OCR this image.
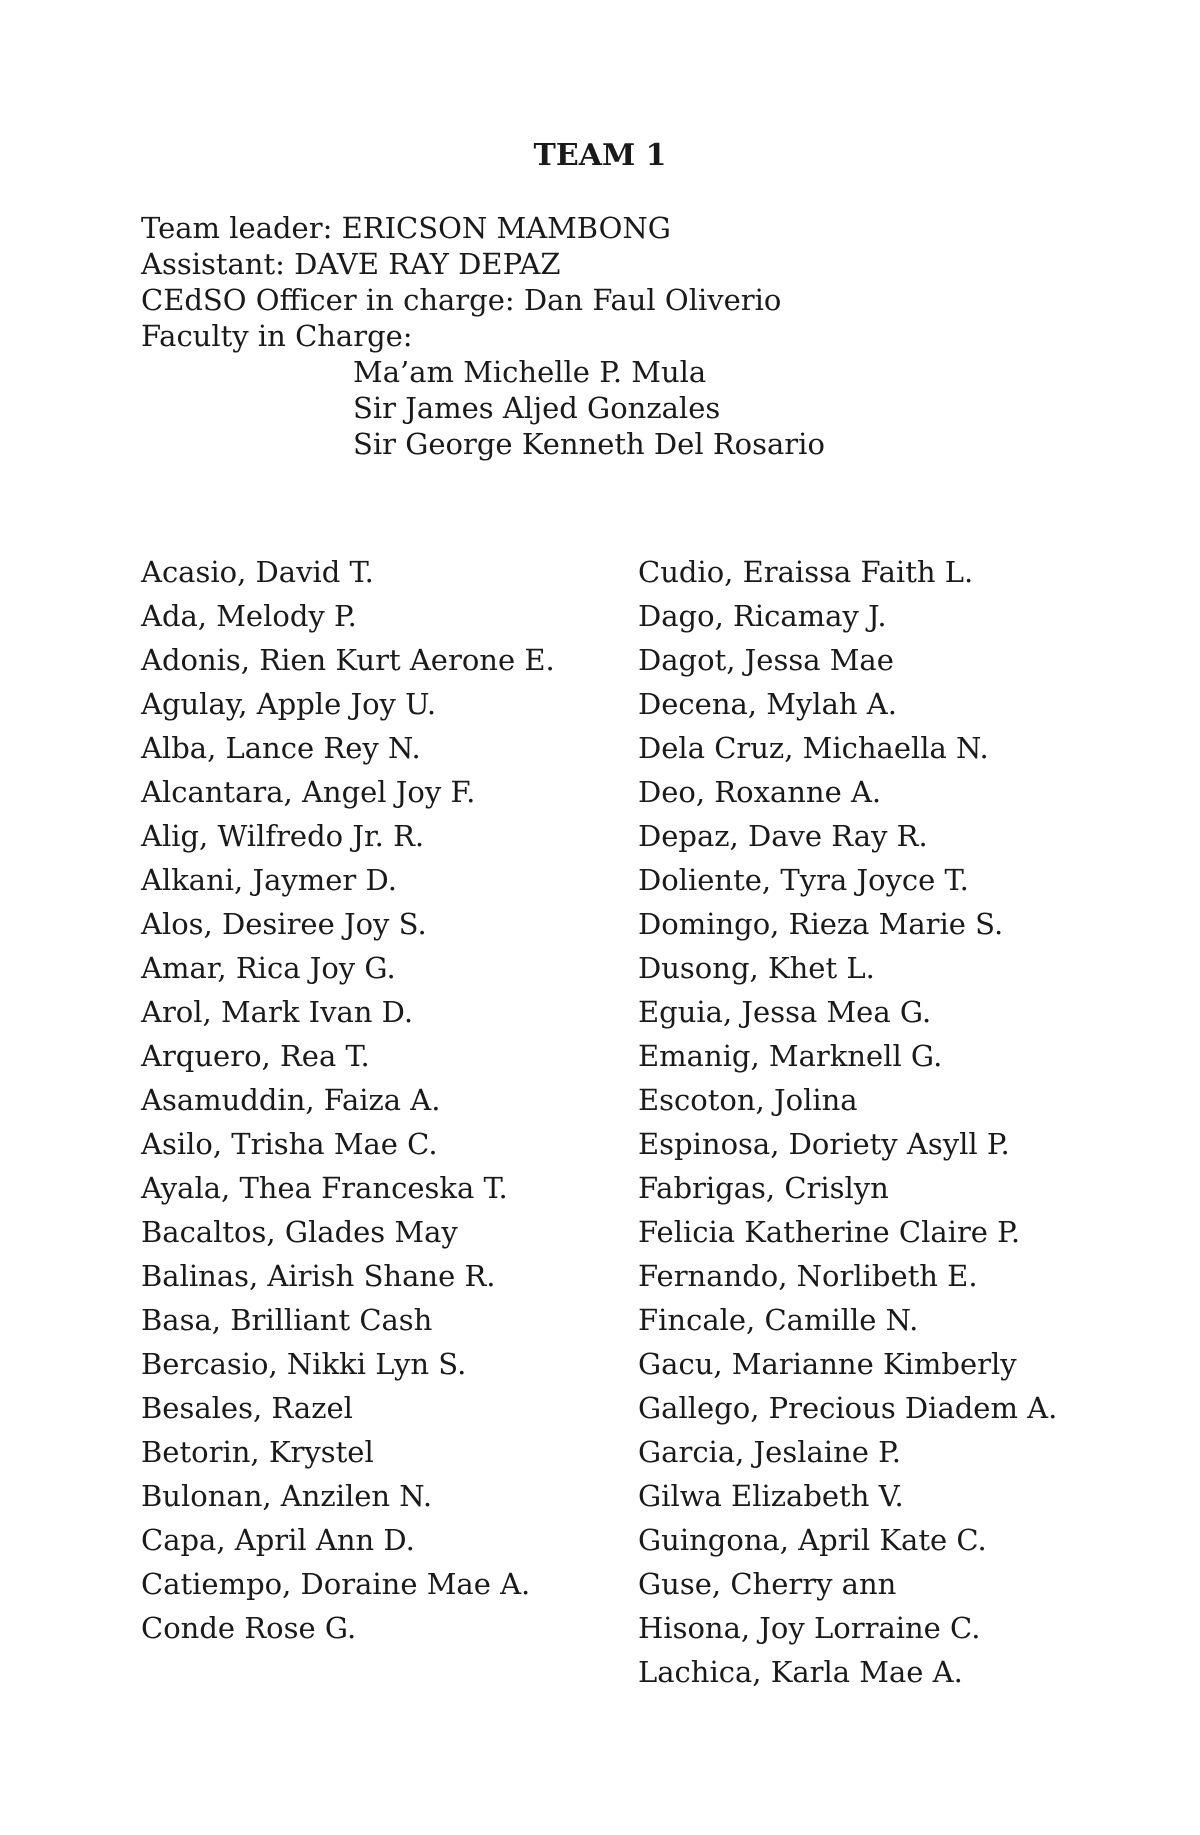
TEAM 1
Team leader: ERICSON MAMBONG
Assistant: DAVE RAY DEPAZ
CEdSO Officer in charge: Dan Faul Oliverio
Faculty in Charge:
Ma’am Michelle P. Mula
Sir James Aljed Gonzales
Sir George Kenneth Del Rosario
Acasio, David T.
Ada, Melody P.
Adonis, Rien Kurt Aerone E.
Agulay, Apple Joy U.
Alba, Lance Rey N.
Alcantara, Angel Joy F.
Alig, Wilfredo Jr. R.
Alkani, Jaymer D.
Alos, Desiree Joy S.
Amar, Rica Joy G.
Arol, Mark Ivan D.
Arquero, Rea T.
Asamuddin, Faiza A.
Asilo, Trisha Mae C.
Ayala, Thea Franceska T.
Bacaltos, Glades May
Balinas, Airish Shane R.
Basa, Brilliant Cash
Bercasio, Nikki Lyn S.
Besales, Razel
Betorin, Krystel
Bulonan, Anzilen N.
Capa, April Ann D.
Catiempo, Doraine Mae A.
Conde Rose G.
Cudio, Eraissa Faith L.
Dago, Ricamay J.
Dagot, Jessa Mae
Decena, Mylah A.
Dela Cruz, Michaella N.
Deo, Roxanne A.
Depaz, Dave Ray R.
Doliente, Tyra Joyce T.
Domingo, Rieza Marie S.
Dusong, Khet L.
Eguia, Jessa Mea G.
Emanig, Marknell G.
Escoton, Jolina
Espinosa, Doriety Asyll P.
Fabrigas, Crislyn
Felicia Katherine Claire P.
Fernando, Norlibeth E.
Fincale, Camille N.
Gacu, Marianne Kimberly
Gallego, Precious Diadem A.
Garcia, Jeslaine P.
Gilwa Elizabeth V.
Guingona, April Kate C.
Guse, Cherry ann
Hisona, Joy Lorraine C.
Lachica, Karla Mae A.
